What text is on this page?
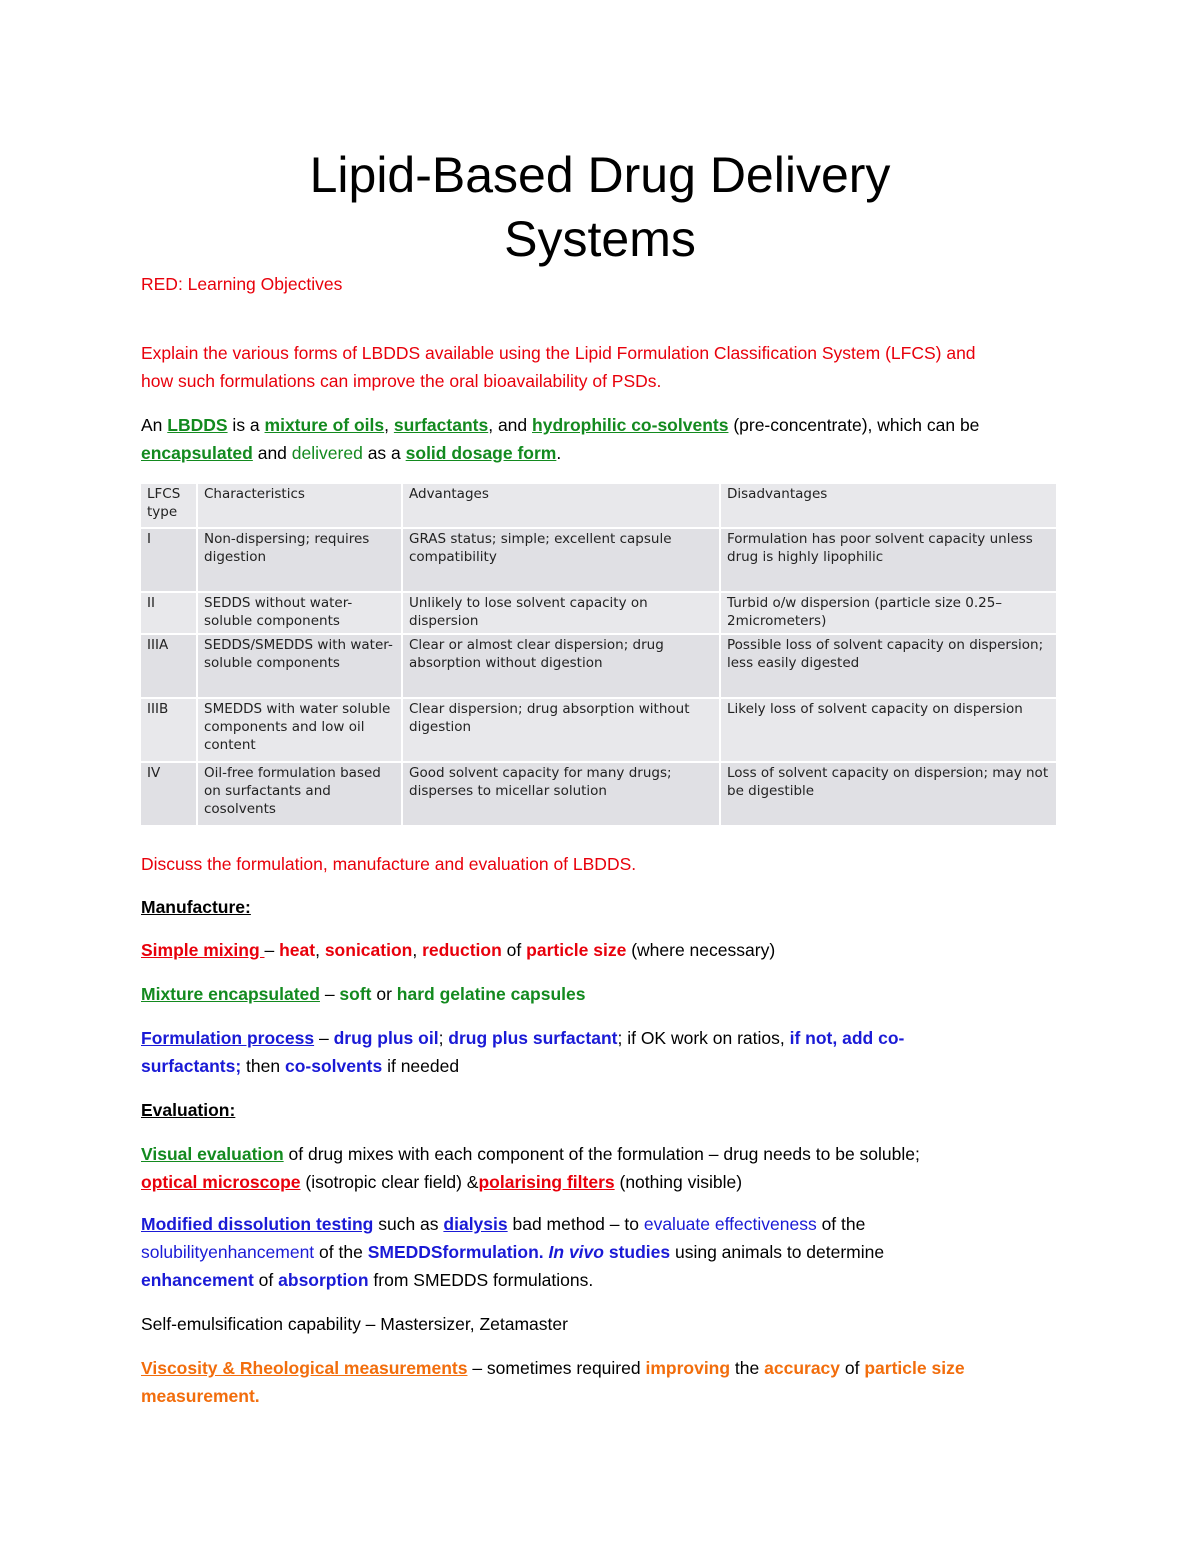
Lipid-Based Drug Delivery
Systems

RED: Learning Objectives

Explain the various forms of LBDDS available using the Lipid Formulation Classification System (LFCS) and

how such formulations can improve the oral bioavailability of PSDs.

An LBDDS is a mixture of oils, surfactants, and hydrophilic co-solvents (pre-concentrate), which can be

encapsulated and delivered as a solid dosage form.

LFCS type	Characteristics	Advantages	Disadvantages
I	Non-dispersing; requires digestion	GRAS status; simple; excellent capsule compatibility	Formulation has poor solvent capacity unless drug is highly lipophilic
II	SEDDS without water-soluble components	Unlikely to lose solvent capacity on dispersion	Turbid o/w dispersion (particle size 0.25–2micrometers)
IIIA	SEDDS/SMEDDS with water-soluble components	Clear or almost clear dispersion; drug absorption without digestion	Possible loss of solvent capacity on dispersion; less easily digested
IIIB	SMEDDS with water soluble components and low oil content	Clear dispersion; drug absorption without digestion	Likely loss of solvent capacity on dispersion
IV	Oil-free formulation based on surfactants and cosolvents	Good solvent capacity for many drugs; disperses to micellar solution	Loss of solvent capacity on dispersion; may not be digestible

Discuss the formulation, manufacture and evaluation of LBDDS.

Manufacture:

Simple mixing – heat, sonication, reduction of particle size (where necessary)

Mixture encapsulated – soft or hard gelatine capsules

Formulation process – drug plus oil; drug plus surfactant; if OK work on ratios, if not, add co-

surfactants; then co-solvents if needed

Evaluation:

Visual evaluation of drug mixes with each component of the formulation – drug needs to be soluble;

optical microscope (isotropic clear field) &polarising filters (nothing visible)

Modified dissolution testing such as dialysis bad method – to evaluate effectiveness of the

solubilityenhancement of the SMEDDSformulation. In vivo studies using animals to determine

enhancement of absorption from SMEDDS formulations.

Self-emulsification capability – Mastersizer, Zetamaster

Viscosity & Rheological measurements – sometimes required improving the accuracy of particle size

measurement.
